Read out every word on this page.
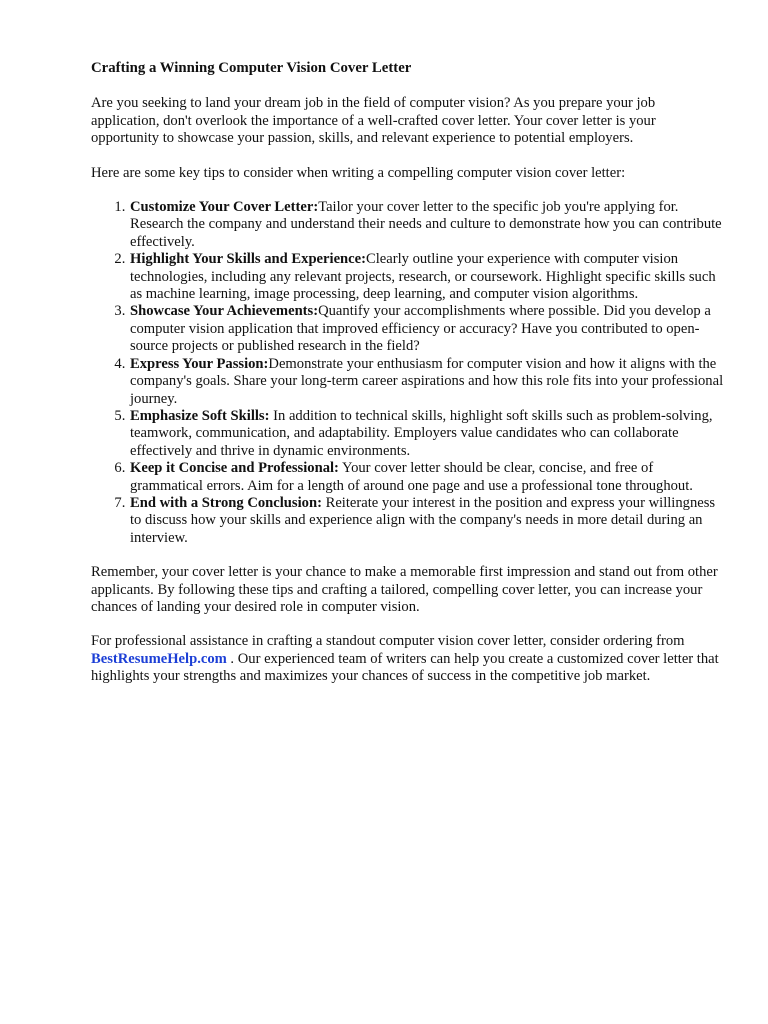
Crafting a Winning Computer Vision Cover Letter

Are you seeking to land your dream job in the field of computer vision? As you prepare your job application, don't overlook the importance of a well-crafted cover letter. Your cover letter is your opportunity to showcase your passion, skills, and relevant experience to potential employers.

Here are some key tips to consider when writing a compelling computer vision cover letter:

1. Customize Your Cover Letter:Tailor your cover letter to the specific job you're applying for. Research the company and understand their needs and culture to demonstrate how you can contribute effectively.
2. Highlight Your Skills and Experience:Clearly outline your experience with computer vision technologies, including any relevant projects, research, or coursework. Highlight specific skills such as machine learning, image processing, deep learning, and computer vision algorithms.
3. Showcase Your Achievements:Quantify your accomplishments where possible. Did you develop a computer vision application that improved efficiency or accuracy? Have you contributed to open-source projects or published research in the field?
4. Express Your Passion:Demonstrate your enthusiasm for computer vision and how it aligns with the company's goals. Share your long-term career aspirations and how this role fits into your professional journey.
5. Emphasize Soft Skills: In addition to technical skills, highlight soft skills such as problem-solving, teamwork, communication, and adaptability. Employers value candidates who can collaborate effectively and thrive in dynamic environments.
6. Keep it Concise and Professional: Your cover letter should be clear, concise, and free of grammatical errors. Aim for a length of around one page and use a professional tone throughout.
7. End with a Strong Conclusion: Reiterate your interest in the position and express your willingness to discuss how your skills and experience align with the company's needs in more detail during an interview.

Remember, your cover letter is your chance to make a memorable first impression and stand out from other applicants. By following these tips and crafting a tailored, compelling cover letter, you can increase your chances of landing your desired role in computer vision.

For professional assistance in crafting a standout computer vision cover letter, consider ordering from BestResumeHelp.com . Our experienced team of writers can help you create a customized cover letter that highlights your strengths and maximizes your chances of success in the competitive job market.
